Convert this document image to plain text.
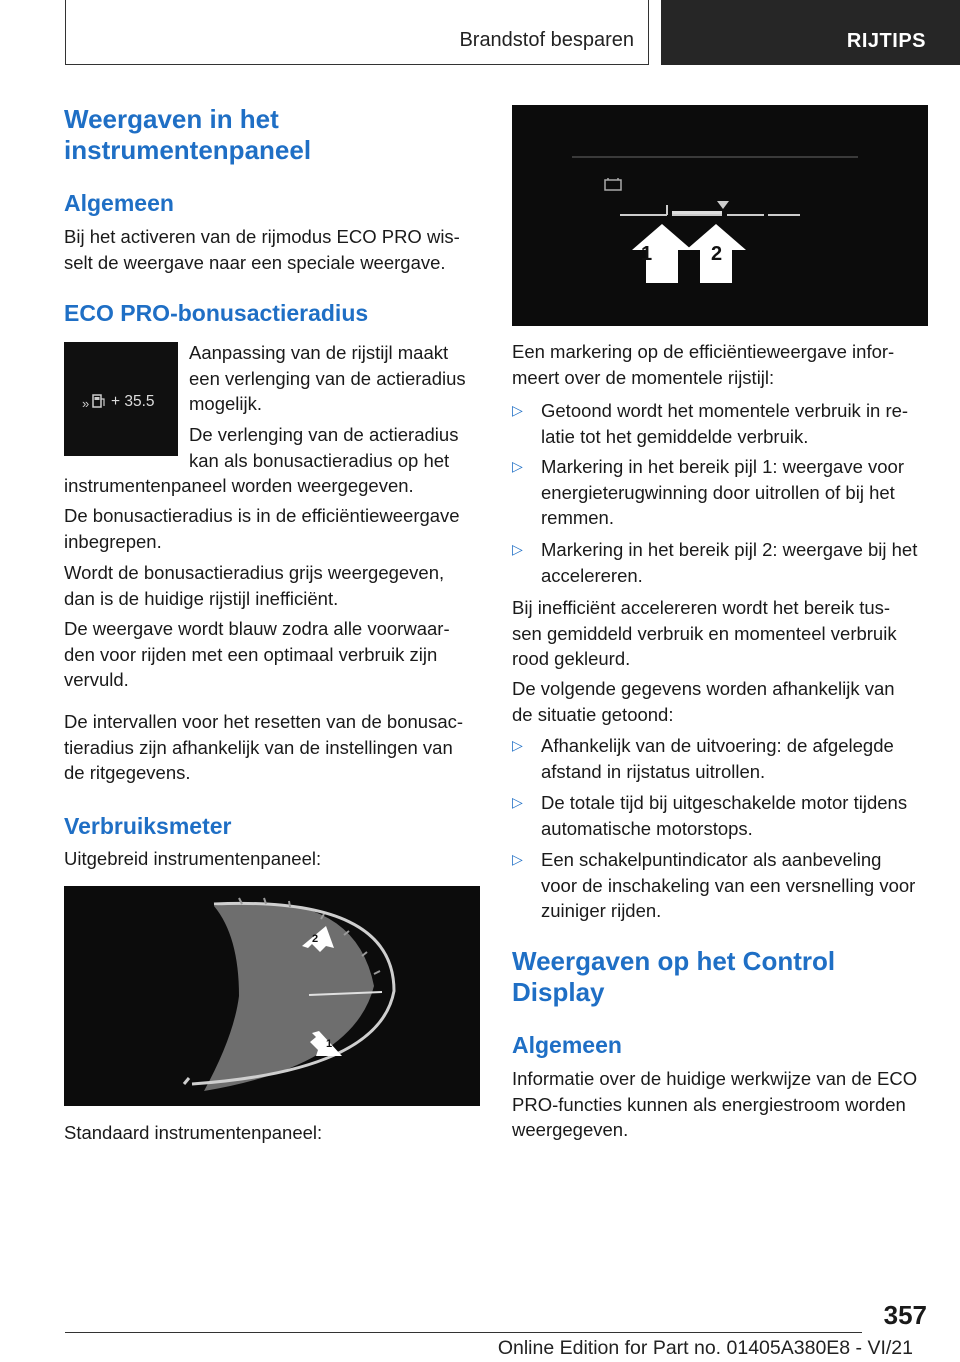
Brandstof besparen	RIJTIPS
Weergaven in het
instrumentenpaneel
Algemeen

Bij het activeren van de rijmodus ECO PRO wis-
selt de weergave naar een speciale weergave.

ECO PRO-bonusactieradius
» + 35.5

Aanpassing van de rijstijl maakt
een verlenging van de actieradius
mogelijk.

De verlenging van de actieradius
kan als bonusactieradius op het

instrumentenpaneel worden weergegeven.

De bonusactieradius is in de efficiëntieweergave
inbegrepen.

Wordt de bonusactieradius grijs weergegeven,
dan is de huidige rijstijl inefficiënt.

De weergave wordt blauw zodra alle voorwaar-
den voor rijden met een optimaal verbruik zijn
vervuld.

De intervallen voor het resetten van de bonusac-
tieradius zijn afhankelijk van de instellingen van
de ritgegevens.

Verbruiksmeter

Uitgebreid instrumentenpaneel:

2
1

Standaard instrumentenpaneel:

1	2

Een markering op de efficiëntieweergave infor-
meert over de momentele rijstijl:

▷ Getoond wordt het momentele verbruik in re-
latie tot het gemiddelde verbruik.
▷ Markering in het bereik pijl 1: weergave voor
energieterugwinning door uitrollen of bij het
remmen.
▷ Markering in het bereik pijl 2: weergave bij het
accelereren.

Bij inefficiënt accelereren wordt het bereik tus-
sen gemiddeld verbruik en momenteel verbruik
rood gekleurd.

De volgende gegevens worden afhankelijk van
de situatie getoond:

▷ Afhankelijk van de uitvoering: de afgelegde
afstand in rijstatus uitrollen.
▷ De totale tijd bij uitgeschakelde motor tijdens
automatische motorstops.
▷ Een schakelpuntindicator als aanbeveling
voor de inschakeling van een versnelling voor
zuiniger rijden.
Weergaven op het Control
Display
Algemeen

Informatie over de huidige werkwijze van de ECO
PRO-functies kunnen als energiestroom worden
weergegeven.

357
Online Edition for Part no. 01405A380E8 - VI/21
